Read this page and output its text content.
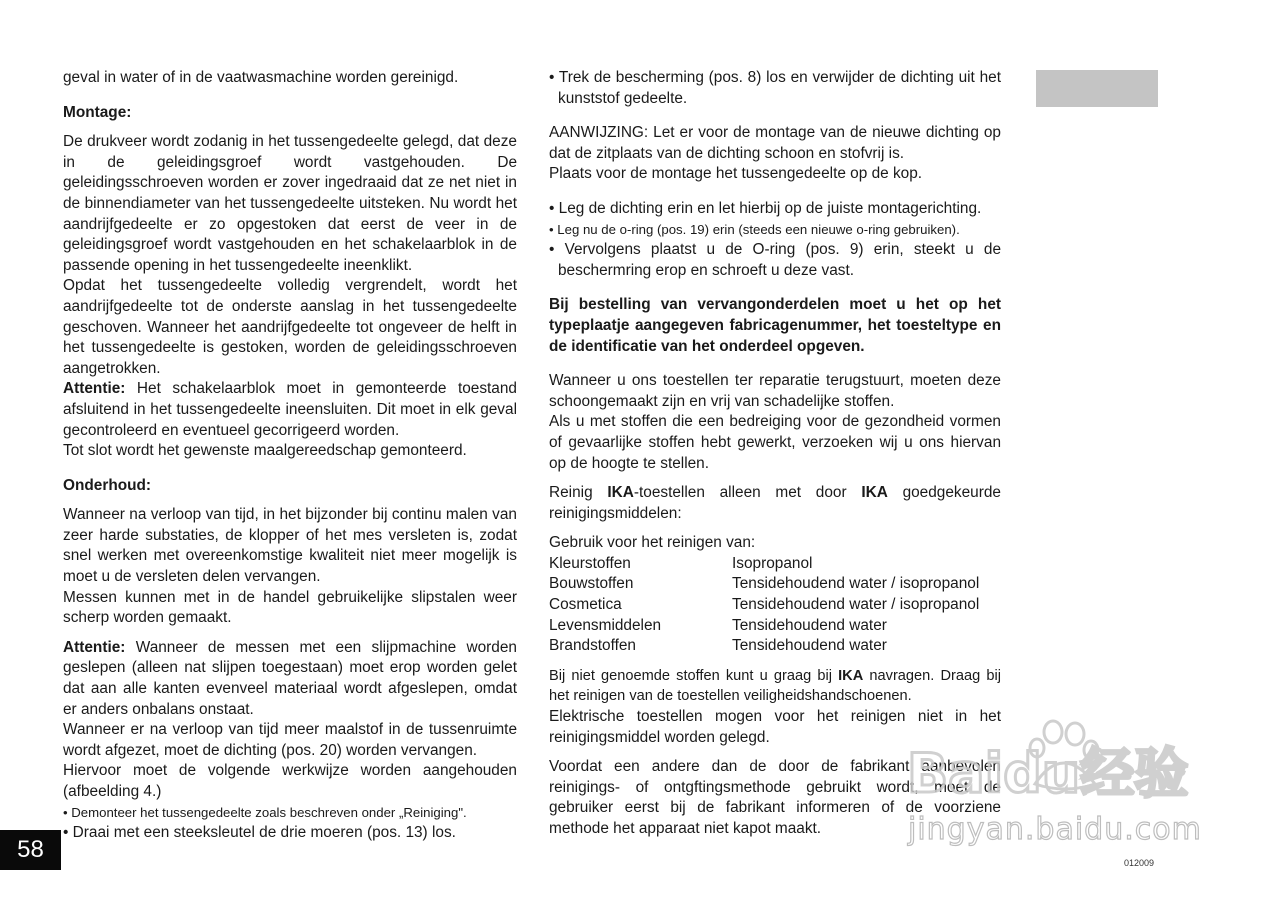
geval in water of in de vaatwasmachine worden gereinigd.

Montage:

De drukveer wordt zodanig in het tussengedeelte gelegd, dat deze in de geleidingsgroef wordt vastgehouden. De geleidingsschroeven worden er zover ingedraaid dat ze net niet in de binnendiameter van het tussengedeelte uitsteken. Nu wordt het aandrijfgedeelte er zo opgestoken dat eerst de veer in de geleidingsgroef wordt vastgehouden en het schakelaarblok in de passende opening in het tussengedeelte ineenklikt.

Opdat het tussengedeelte volledig vergrendelt, wordt het aandrijfgedeelte tot de onderste aanslag in het tussengedeelte geschoven. Wanneer het aandrijfgedeelte tot ongeveer de helft in het tussengedeelte is gestoken, worden de geleidingsschroeven aangetrokken.

Attentie: Het schakelaarblok moet in gemonteerde toestand afsluitend in het tussengedeelte ineensluiten. Dit moet in elk geval gecontroleerd en eventueel gecorrigeerd worden.

Tot slot wordt het gewenste maalgereedschap gemonteerd.

Onderhoud:

Wanneer na verloop van tijd, in het bijzonder bij continu malen van zeer harde substaties, de klopper of het mes versleten is, zodat snel werken met overeenkomstige kwaliteit niet meer mogelijk is moet u de versleten delen vervangen.

Messen kunnen met in de handel gebruikelijke slipstalen weer scherp worden gemaakt.

Attentie: Wanneer de messen met een slijpmachine worden geslepen (alleen nat slijpen toegestaan) moet erop worden gelet dat aan alle kanten evenveel materiaal wordt afgeslepen, omdat er anders onbalans onstaat.

Wanneer er na verloop van tijd meer maalstof in de tussenruimte wordt afgezet, moet de dichting (pos. 20) worden vervangen.

Hiervoor moet de volgende werkwijze worden aangehouden (afbeelding 4.)

• Demonteer het tussengedeelte zoals beschreven onder „Reiniging".

• Draai met een steeksleutel de drie moeren (pos. 13) los.

• Trek de bescherming (pos. 8) los en verwijder de dichting uit het kunststof gedeelte.

AANWIJZING: Let er voor de montage van de nieuwe dichting op dat de zitplaats van de dichting schoon en stofvrij is.

Plaats voor de montage het tussengedeelte op de kop.

• Leg de dichting erin en let hierbij op de juiste montagerichting.

• Leg nu de o-ring (pos. 19) erin (steeds een nieuwe o-ring gebruiken).

• Vervolgens plaatst u de O-ring (pos. 9) erin, steekt u de beschermring erop en schroeft u deze vast.

Bij bestelling van vervangonderdelen moet u het op het typeplaatje aangegeven fabricagenummer, het toesteltype en de identificatie van het onderdeel opgeven.

Wanneer u ons toestellen ter reparatie terugstuurt, moeten deze schoongemaakt zijn en vrij van schadelijke stoffen.

Als u met stoffen die een bedreiging voor de gezondheid vormen of gevaarlijke stoffen hebt gewerkt, verzoeken wij u ons hiervan op de hoogte te stellen.

Reinig IKA-toestellen alleen met door IKA goedgekeurde reinigingsmiddelen:

Gebruik voor het reinigen van:

Kleurstoffen	Isopropanol
Bouwstoffen	Tensidehoudend water / isopropanol
Cosmetica	Tensidehoudend water / isopropanol
Levensmiddelen	Tensidehoudend water
Brandstoffen	Tensidehoudend water

Bij niet genoemde stoffen kunt u graag bij IKA navragen. Draag bij het reinigen van de toestellen veiligheidshandschoenen.

Elektrische toestellen mogen voor het reinigen niet in het reinigingsmiddel worden gelegd.

Voordat een andere dan de door de fabrikant aanbevolen reinigings- of ontgftingsmethode gebruikt wordt, moet de gebruiker eerst bij de fabrikant informeren of de voorziene methode het apparaat niet kapot maakt.

58	012009
Baidu经验
jingyan.baidu.com
